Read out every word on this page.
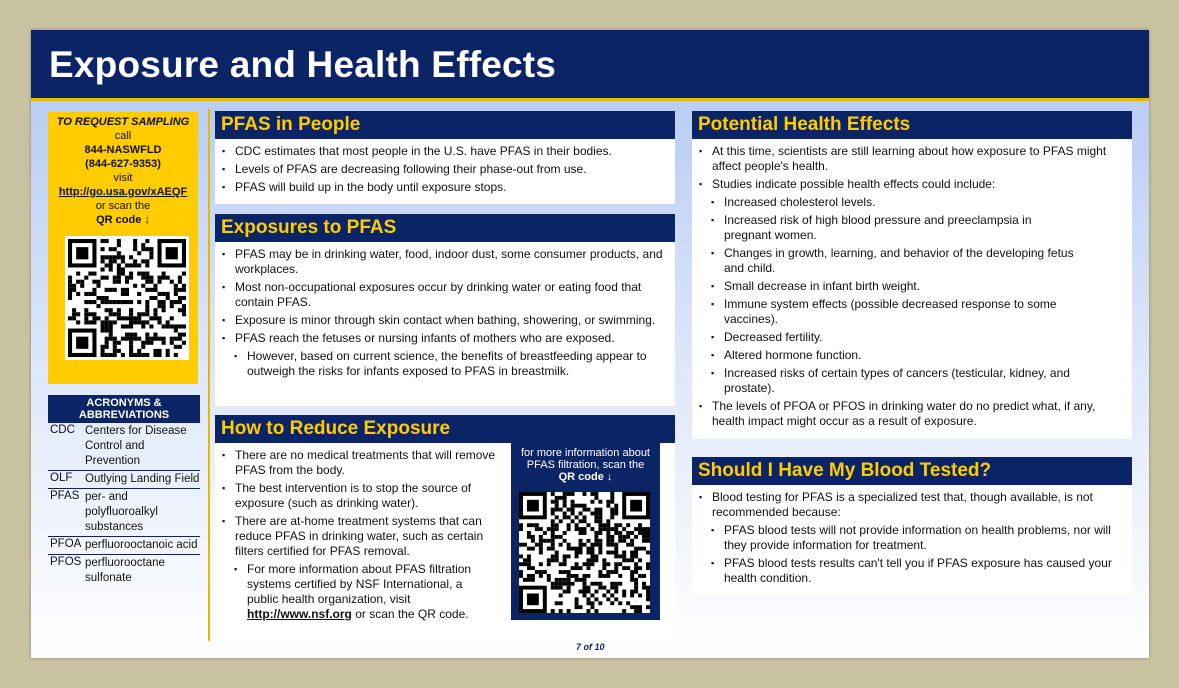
Exposure and Health Effects
TO REQUEST SAMPLING
call
844-NASWFLD
(844-627-9353)
visit
http://go.usa.gov/xAEQF
or scan the
QR code ↓
ACRONYMS & ABBREVIATIONS
CDC Centers for Disease Control and Prevention
OLF	Outlying Landing Field
PFAS per- and polyfluoroalkyl substances
PFOA perfluorooctanoic acid
PFOS perfluorooctane sulfonate
PFAS in People
▪ CDC estimates that most people in the U.S. have PFAS in their bodies.
▪ Levels of PFAS are decreasing following their phase-out from use.
▪ PFAS will build up in the body until exposure stops.
Exposures to PFAS
▪ PFAS may be in drinking water, food, indoor dust, some consumer products, and workplaces.
▪ Most non-occupational exposures occur by drinking water or eating food that contain PFAS.
▪ Exposure is minor through skin contact when bathing, showering, or swimming.
▪ PFAS reach the fetuses or nursing infants of mothers who are exposed.
▪ However, based on current science, the benefits of breastfeeding appear to outweigh the risks for infants exposed to PFAS in breastmilk.
How to Reduce Exposure
▪ There are no medical treatments that will remove PFAS from the body.
▪ The best intervention is to stop the source of exposure (such as drinking water).
▪ There are at-home treatment systems that can reduce PFAS in drinking water, such as certain filters certified for PFAS removal.
▪ For more information about PFAS filtration systems certified by NSF International, a public health organization, visit http://www.nsf.org or scan the QR code.
for more information about PFAS filtration, scan the
QR code ↓
Potential Health Effects
▪ At this time, scientists are still learning about how exposure to PFAS might affect people's health.
▪ Studies indicate possible health effects could include:
▪ Increased cholesterol levels.
▪ Increased risk of high blood pressure and preeclampsia in pregnant women.
▪ Changes in growth, learning, and behavior of the developing fetus and child.
▪ Small decrease in infant birth weight.
▪ Immune system effects (possible decreased response to some vaccines).
▪ Decreased fertility.
▪ Altered hormone function.
▪ Increased risks of certain types of cancers (testicular, kidney, and prostate).
▪ The levels of PFOA or PFOS in drinking water do no predict what, if any, health impact might occur as a result of exposure.
Should I Have My Blood Tested?
▪ Blood testing for PFAS is a specialized test that, though available, is not recommended because:
▪ PFAS blood tests will not provide information on health problems, nor will they provide information for treatment.
▪ PFAS blood tests results can't tell you if PFAS exposure has caused your health condition.
7 of 10
